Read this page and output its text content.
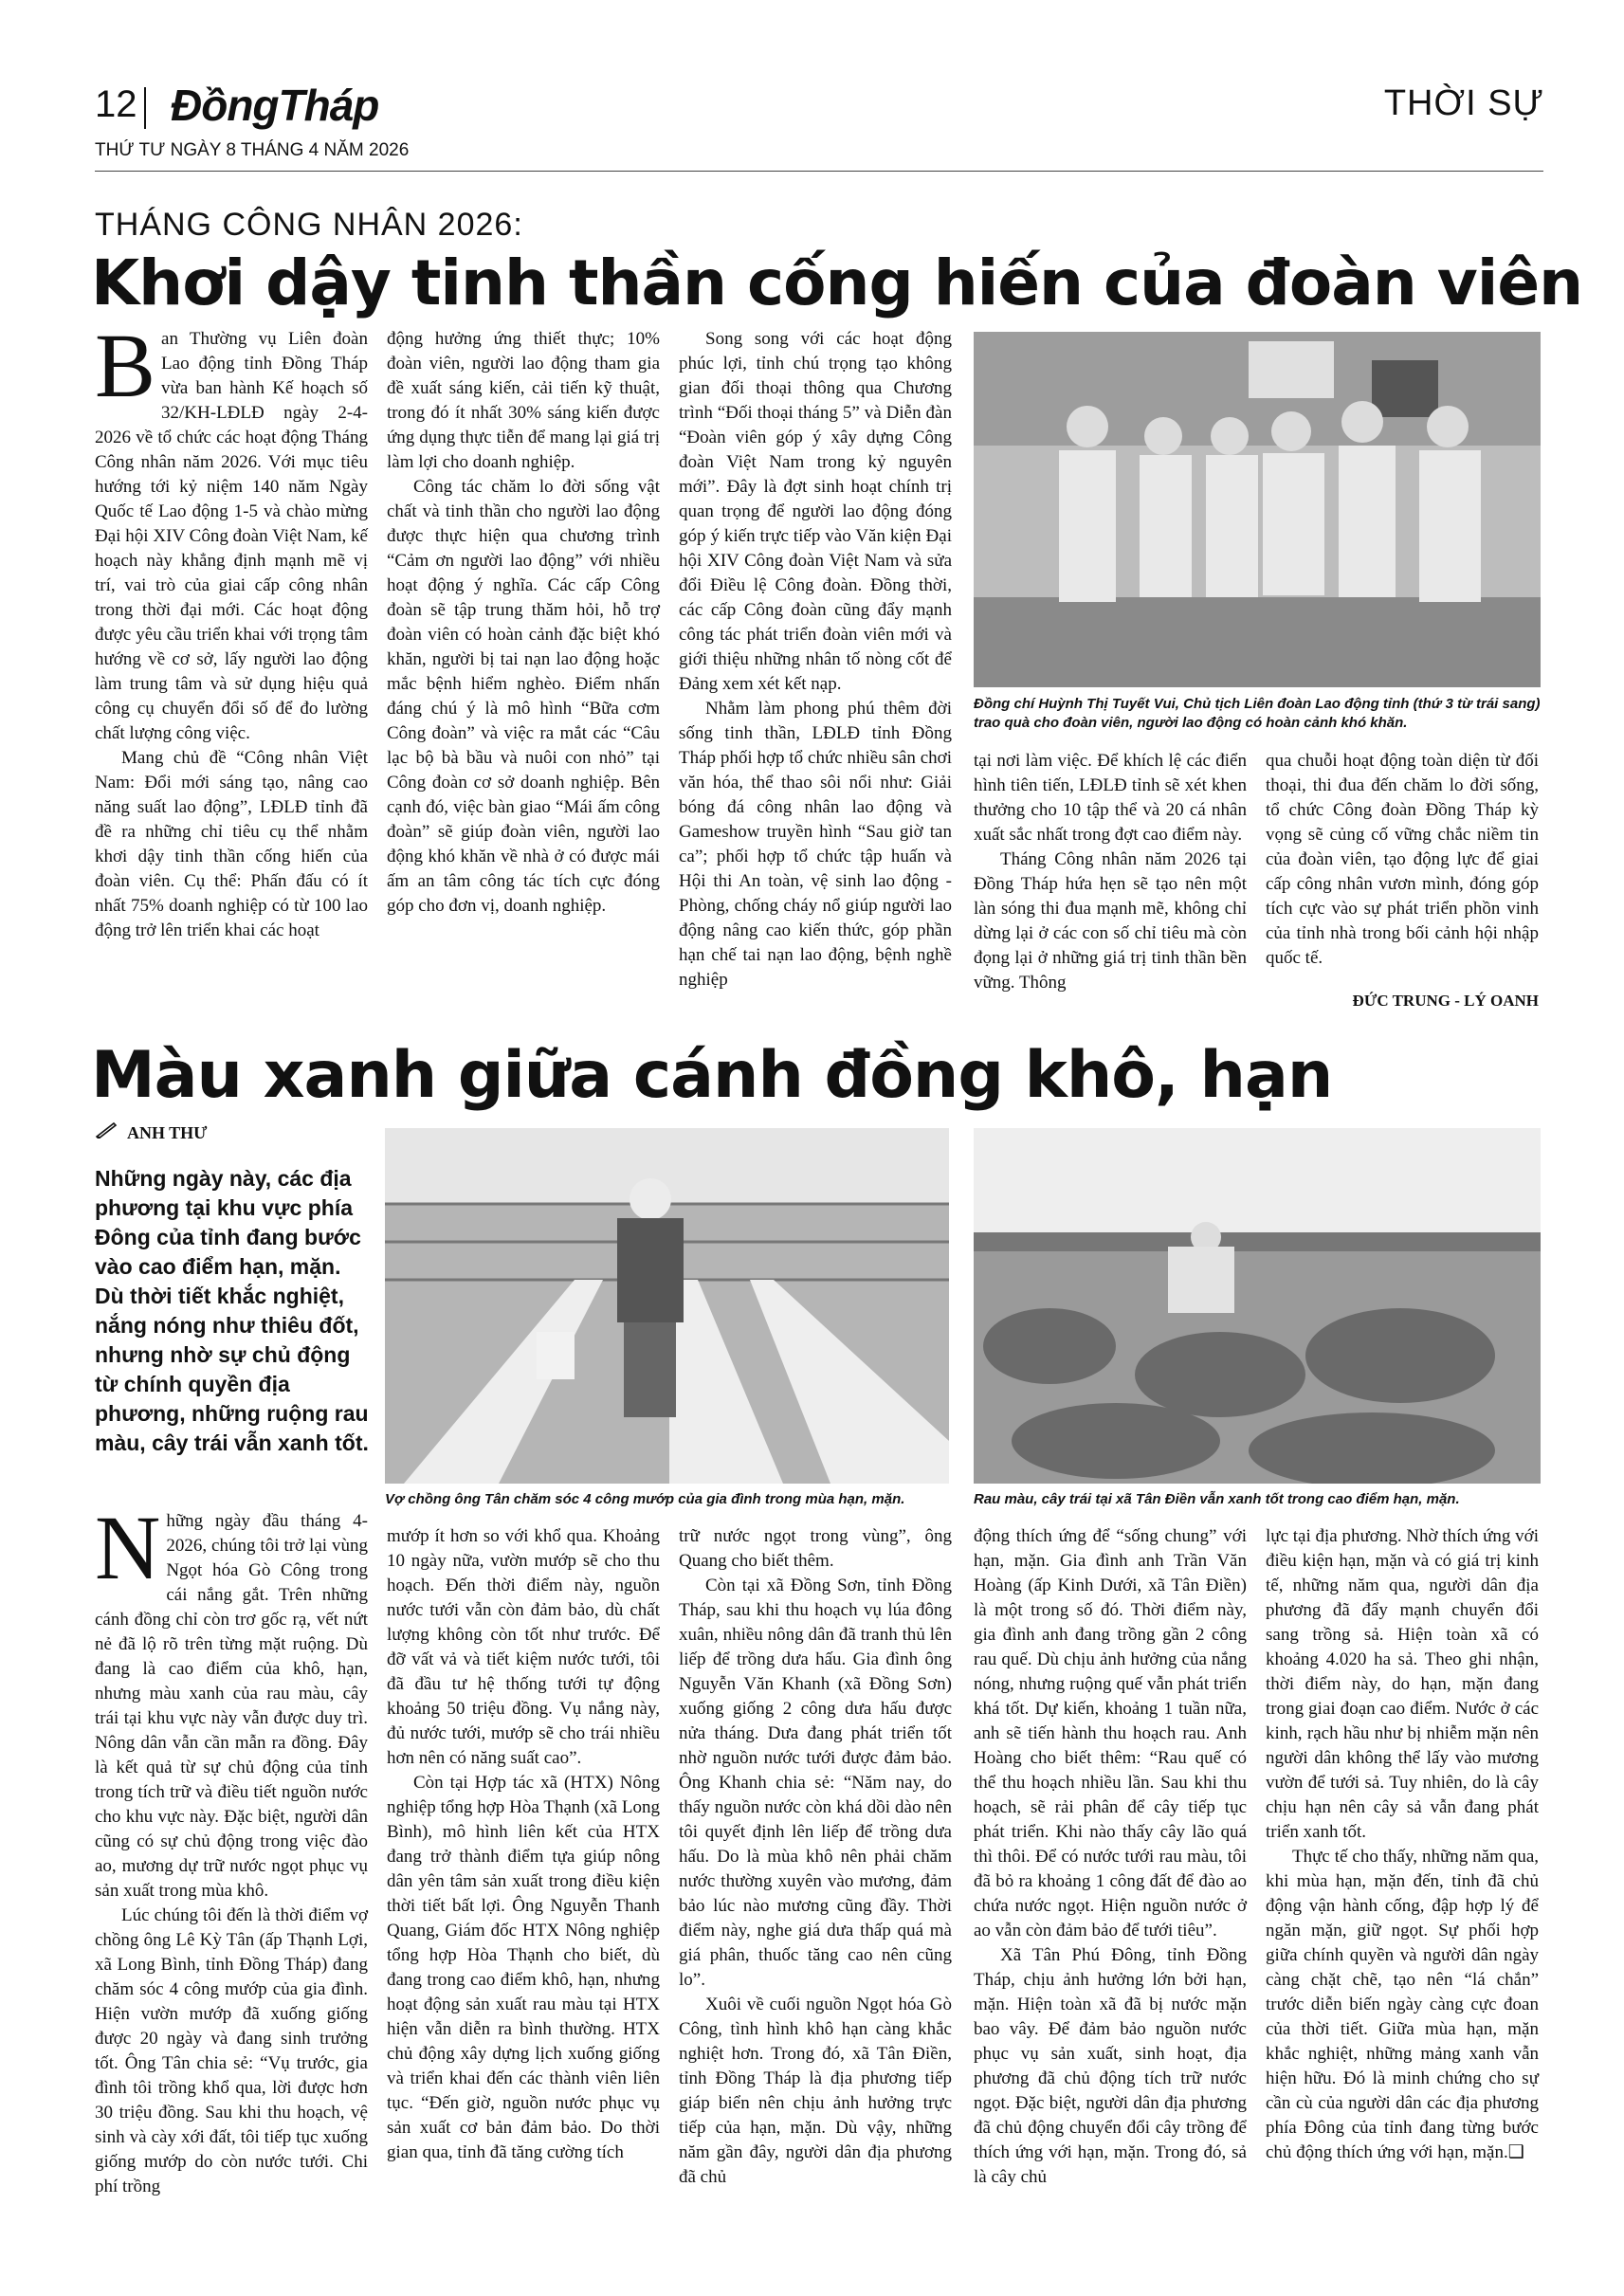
12 ĐồngTháp	THỜI SỰ
THỨ TƯ NGÀY 8 THÁNG 4 NĂM 2026
THÁNG CÔNG NHÂN 2026:
Khơi dậy tinh thần cống hiến của đoàn viên

Ban Thường vụ Liên đoàn Lao động tỉnh Đồng Tháp vừa ban hành Kế hoạch số 32/KH-LĐLĐ ngày 2-4-2026 về tổ chức các hoạt động Tháng Công nhân năm 2026. Với mục tiêu hướng tới kỷ niệm 140 năm Ngày Quốc tế Lao động 1-5 và chào mừng Đại hội XIV Công đoàn Việt Nam, kế hoạch này khẳng định mạnh mẽ vị trí, vai trò của giai cấp công nhân trong thời đại mới. Các hoạt động được yêu cầu triển khai với trọng tâm hướng về cơ sở, lấy người lao động làm trung tâm và sử dụng hiệu quả công cụ chuyển đổi số để đo lường chất lượng công việc.

Mang chủ đề “Công nhân Việt Nam: Đổi mới sáng tạo, nâng cao năng suất lao động”, LĐLĐ tỉnh đã đề ra những chỉ tiêu cụ thể nhằm khơi dậy tinh thần cống hiến của đoàn viên. Cụ thể: Phấn đấu có ít nhất 75% doanh nghiệp có từ 100 lao động trở lên triển khai các hoạt

động hưởng ứng thiết thực; 10% đoàn viên, người lao động tham gia đề xuất sáng kiến, cải tiến kỹ thuật, trong đó ít nhất 30% sáng kiến được ứng dụng thực tiễn để mang lại giá trị làm lợi cho doanh nghiệp.

Công tác chăm lo đời sống vật chất và tinh thần cho người lao động được thực hiện qua chương trình “Cảm ơn người lao động” với nhiều hoạt động ý nghĩa. Các cấp Công đoàn sẽ tập trung thăm hỏi, hỗ trợ đoàn viên có hoàn cảnh đặc biệt khó khăn, người bị tai nạn lao động hoặc mắc bệnh hiểm nghèo. Điểm nhấn đáng chú ý là mô hình “Bữa cơm Công đoàn” và việc ra mắt các “Câu lạc bộ bà bầu và nuôi con nhỏ” tại Công đoàn cơ sở doanh nghiệp. Bên cạnh đó, việc bàn giao “Mái ấm công đoàn” sẽ giúp đoàn viên, người lao động khó khăn về nhà ở có được mái ấm an tâm công tác tích cực đóng góp cho đơn vị, doanh nghiệp.

Song song với các hoạt động phúc lợi, tỉnh chú trọng tạo không gian đối thoại thông qua Chương trình “Đối thoại tháng 5” và Diễn đàn “Đoàn viên góp ý xây dựng Công đoàn Việt Nam trong kỷ nguyên mới”. Đây là đợt sinh hoạt chính trị quan trọng để người lao động đóng góp ý kiến trực tiếp vào Văn kiện Đại hội XIV Công đoàn Việt Nam và sửa đổi Điều lệ Công đoàn. Đồng thời, các cấp Công đoàn cũng đẩy mạnh công tác phát triển đoàn viên mới và giới thiệu những nhân tố nòng cốt để Đảng xem xét kết nạp.

Nhằm làm phong phú thêm đời sống tinh thần, LĐLĐ tỉnh Đồng Tháp phối hợp tổ chức nhiều sân chơi văn hóa, thể thao sôi nổi như: Giải bóng đá công nhân lao động và Gameshow truyền hình “Sau giờ tan ca”; phối hợp tổ chức tập huấn và Hội thi An toàn, vệ sinh lao động - Phòng, chống cháy nổ giúp người lao động nâng cao kiến thức, góp phần hạn chế tai nạn lao động, bệnh nghề nghiệp

Đồng chí Huỳnh Thị Tuyết Vui, Chủ tịch Liên đoàn Lao động tỉnh (thứ 3 từ trái sang) trao quà cho đoàn viên, người lao động có hoàn cảnh khó khăn.

tại nơi làm việc. Để khích lệ các điển hình tiên tiến, LĐLĐ tỉnh sẽ xét khen thưởng cho 10 tập thể và 20 cá nhân xuất sắc nhất trong đợt cao điểm này.

Tháng Công nhân năm 2026 tại Đồng Tháp hứa hẹn sẽ tạo nên một làn sóng thi đua mạnh mẽ, không chỉ dừng lại ở các con số chỉ tiêu mà còn đọng lại ở những giá trị tinh thần bền vững. Thông

qua chuỗi hoạt động toàn diện từ đối thoại, thi đua đến chăm lo đời sống, tổ chức Công đoàn Đồng Tháp kỳ vọng sẽ củng cố vững chắc niềm tin của đoàn viên, tạo động lực để giai cấp công nhân vươn mình, đóng góp tích cực vào sự phát triển phồn vinh của tỉnh nhà trong bối cảnh hội nhập quốc tế.

ĐỨC TRUNG - LÝ OANH
Màu xanh giữa cánh đồng khô, hạn
ANH THƯ
Những ngày này, các địa phương tại khu vực phía Đông của tỉnh đang bước vào cao điểm hạn, mặn. Dù thời tiết khắc nghiệt, nắng nóng như thiêu đốt, nhưng nhờ sự chủ động từ chính quyền địa phương, những ruộng rau màu, cây trái vẫn xanh tốt.
Vợ chồng ông Tân chăm sóc 4 công mướp của gia đình trong mùa hạn, mặn.	Rau màu, cây trái tại xã Tân Điền vẫn xanh tốt trong cao điểm hạn, mặn.

Những ngày đầu tháng 4-2026, chúng tôi trở lại vùng Ngọt hóa Gò Công trong cái nắng gắt. Trên những cánh đồng chỉ còn trơ gốc rạ, vết nứt nẻ đã lộ rõ trên từng mặt ruộng. Dù đang là cao điểm của khô, hạn, nhưng màu xanh của rau màu, cây trái tại khu vực này vẫn được duy trì. Nông dân vẫn cần mẫn ra đồng. Đây là kết quả từ sự chủ động của tỉnh trong tích trữ và điều tiết nguồn nước cho khu vực này. Đặc biệt, người dân cũng có sự chủ động trong việc đào ao, mương dự trữ nước ngọt phục vụ sản xuất trong mùa khô.

Lúc chúng tôi đến là thời điểm vợ chồng ông Lê Kỳ Tân (ấp Thạnh Lợi, xã Long Bình, tỉnh Đồng Tháp) đang chăm sóc 4 công mướp của gia đình. Hiện vườn mướp đã xuống giống được 20 ngày và đang sinh trưởng tốt. Ông Tân chia sẻ: “Vụ trước, gia đình tôi trồng khổ qua, lời được hơn 30 triệu đồng. Sau khi thu hoạch, vệ sinh và cày xới đất, tôi tiếp tục xuống giống mướp do còn nước tưới. Chi phí trồng

mướp ít hơn so với khổ qua. Khoảng 10 ngày nữa, vườn mướp sẽ cho thu hoạch. Đến thời điểm này, nguồn nước tưới vẫn còn đảm bảo, dù chất lượng không còn tốt như trước. Để đỡ vất vả và tiết kiệm nước tưới, tôi đã đầu tư hệ thống tưới tự động khoảng 50 triệu đồng. Vụ nắng này, đủ nước tưới, mướp sẽ cho trái nhiều hơn nên có năng suất cao”.

Còn tại Hợp tác xã (HTX) Nông nghiệp tổng hợp Hòa Thạnh (xã Long Bình), mô hình liên kết của HTX đang trở thành điểm tựa giúp nông dân yên tâm sản xuất trong điều kiện thời tiết bất lợi. Ông Nguyễn Thanh Quang, Giám đốc HTX Nông nghiệp tổng hợp Hòa Thạnh cho biết, dù đang trong cao điểm khô, hạn, nhưng hoạt động sản xuất rau màu tại HTX hiện vẫn diễn ra bình thường. HTX chủ động xây dựng lịch xuống giống và triển khai đến các thành viên liên tục. “Đến giờ, nguồn nước phục vụ sản xuất cơ bản đảm bảo. Do thời gian qua, tỉnh đã tăng cường tích

trữ nước ngọt trong vùng”, ông Quang cho biết thêm.

Còn tại xã Đồng Sơn, tỉnh Đồng Tháp, sau khi thu hoạch vụ lúa đông xuân, nhiều nông dân đã tranh thủ lên liếp để trồng dưa hấu. Gia đình ông Nguyễn Văn Khanh (xã Đồng Sơn) xuống giống 2 công dưa hấu được nửa tháng. Dưa đang phát triển tốt nhờ nguồn nước tưới được đảm bảo. Ông Khanh chia sẻ: “Năm nay, do thấy nguồn nước còn khá dồi dào nên tôi quyết định lên liếp để trồng dưa hấu. Do là mùa khô nên phải chăm nước thường xuyên vào mương, đảm bảo lúc nào mương cũng đầy. Thời điểm này, nghe giá dưa thấp quá mà giá phân, thuốc tăng cao nên cũng lo”.

Xuôi về cuối nguồn Ngọt hóa Gò Công, tình hình khô hạn càng khắc nghiệt hơn. Trong đó, xã Tân Điền, tỉnh Đồng Tháp là địa phương tiếp giáp biển nên chịu ảnh hưởng trực tiếp của hạn, mặn. Dù vậy, những năm gần đây, người dân địa phương đã chủ

động thích ứng để “sống chung” với hạn, mặn. Gia đình anh Trần Văn Hoàng (ấp Kinh Dưới, xã Tân Điền) là một trong số đó. Thời điểm này, gia đình anh đang trồng gần 2 công rau quế. Dù chịu ảnh hưởng của nắng nóng, nhưng ruộng quế vẫn phát triển khá tốt. Dự kiến, khoảng 1 tuần nữa, anh sẽ tiến hành thu hoạch rau. Anh Hoàng cho biết thêm: “Rau quế có thể thu hoạch nhiều lần. Sau khi thu hoạch, sẽ rải phân để cây tiếp tục phát triển. Khi nào thấy cây lão quá thì thôi. Để có nước tưới rau màu, tôi đã bỏ ra khoảng 1 công đất để đào ao chứa nước ngọt. Hiện nguồn nước ở ao vẫn còn đảm bảo để tưới tiêu”.

Xã Tân Phú Đông, tỉnh Đồng Tháp, chịu ảnh hưởng lớn bởi hạn, mặn. Hiện toàn xã đã bị nước mặn bao vây. Để đảm bảo nguồn nước phục vụ sản xuất, sinh hoạt, địa phương đã chủ động tích trữ nước ngọt. Đặc biệt, người dân địa phương đã chủ động chuyển đổi cây trồng để thích ứng với hạn, mặn. Trong đó, sả là cây chủ

lực tại địa phương. Nhờ thích ứng với điều kiện hạn, mặn và có giá trị kinh tế, những năm qua, người dân địa phương đã đẩy mạnh chuyển đổi sang trồng sả. Hiện toàn xã có khoảng 4.020 ha sả. Theo ghi nhận, thời điểm này, do hạn, mặn đang trong giai đoạn cao điểm. Nước ở các kinh, rạch hầu như bị nhiễm mặn nên người dân không thể lấy vào mương vườn để tưới sả. Tuy nhiên, do là cây chịu hạn nên cây sả vẫn đang phát triển xanh tốt.

Thực tế cho thấy, những năm qua, khi mùa hạn, mặn đến, tỉnh đã chủ động vận hành cống, đập hợp lý để ngăn mặn, giữ ngọt. Sự phối hợp giữa chính quyền và người dân ngày càng chặt chẽ, tạo nên “lá chắn” trước diễn biến ngày càng cực đoan của thời tiết. Giữa mùa hạn, mặn khắc nghiệt, những mảng xanh vẫn hiện hữu. Đó là minh chứng cho sự cần cù của người dân các địa phương phía Đông của tỉnh đang từng bước chủ động thích ứng với hạn, mặn.❑
